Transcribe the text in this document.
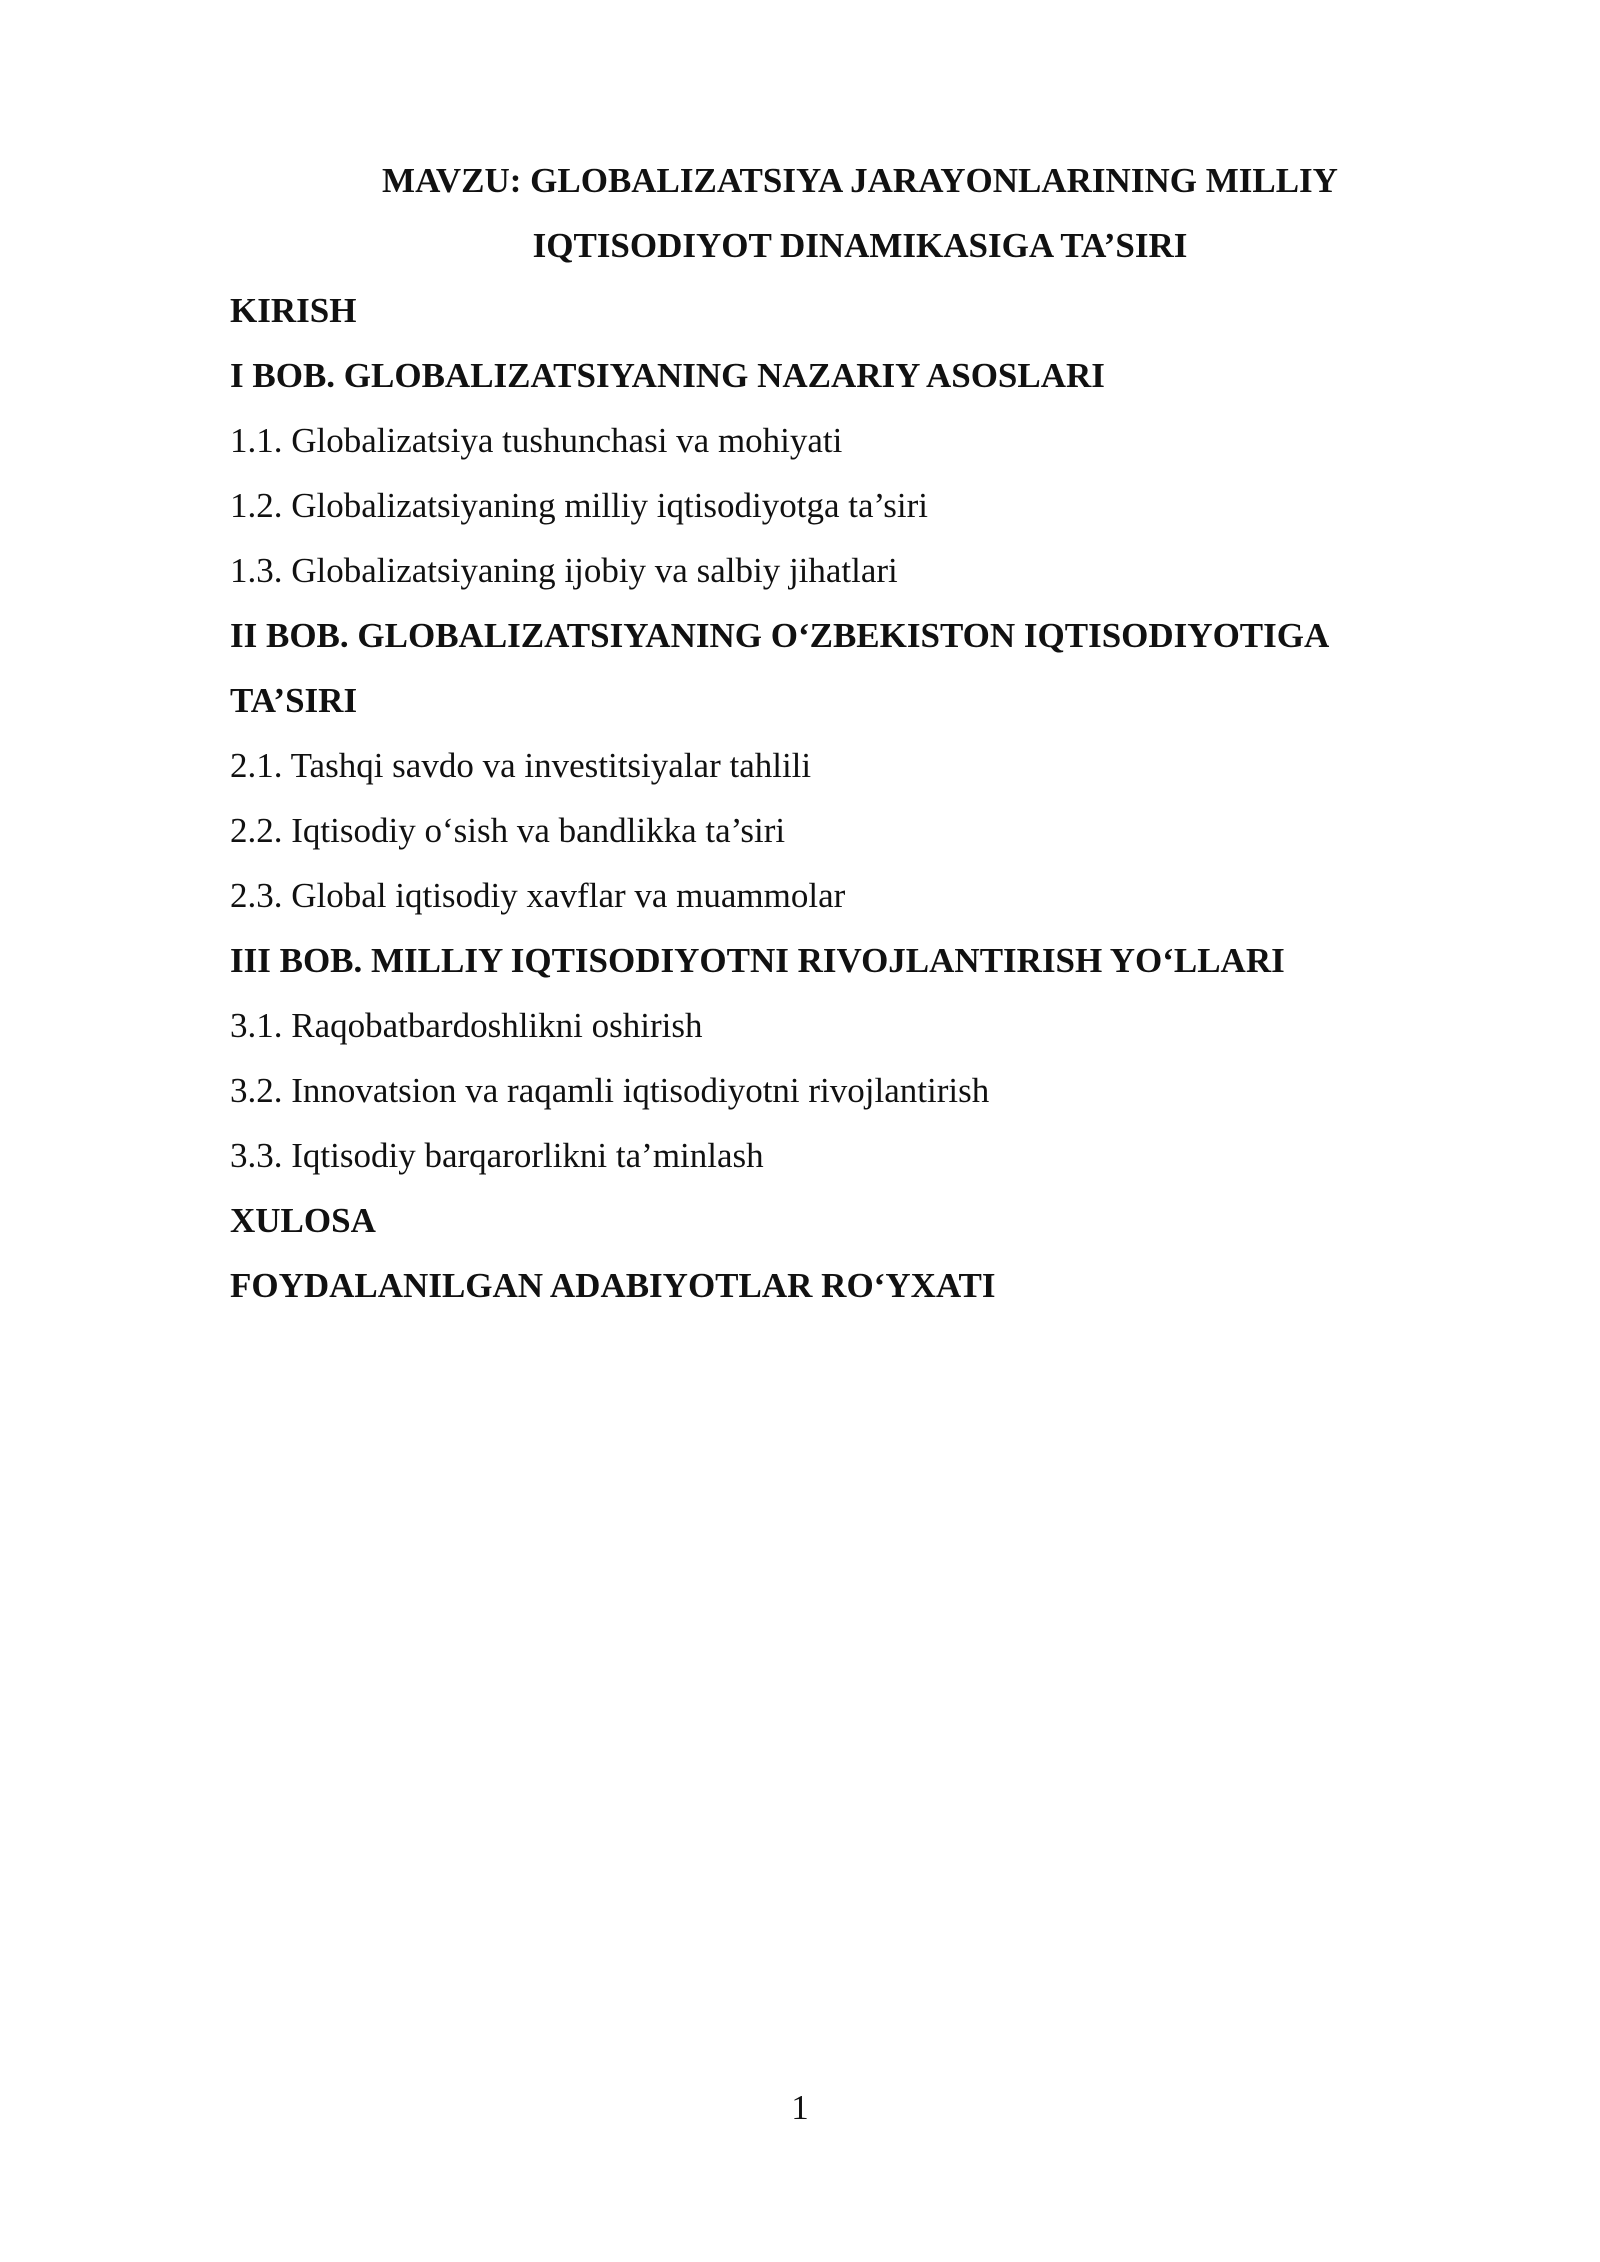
MAVZU: GLOBALIZATSIYA JARAYONLARINING MILLIY
IQTISODIYOT DINAMIKASIGA TA’SIRI
KIRISH
I BOB. GLOBALIZATSIYANING NAZARIY ASOSLARI
1.1. Globalizatsiya tushunchasi va mohiyati
1.2. Globalizatsiyaning milliy iqtisodiyotga ta’siri
1.3. Globalizatsiyaning ijobiy va salbiy jihatlari
II BOB. GLOBALIZATSIYANING O‘ZBEKISTON IQTISODIYOTIGA
TA’SIRI
2.1. Tashqi savdo va investitsiyalar tahlili
2.2. Iqtisodiy o‘sish va bandlikka ta’siri
2.3. Global iqtisodiy xavflar va muammolar
III BOB. MILLIY IQTISODIYOTNI RIVOJLANTIRISH YO‘LLARI
3.1. Raqobatbardoshlikni oshirish
3.2. Innovatsion va raqamli iqtisodiyotni rivojlantirish
3.3. Iqtisodiy barqarorlikni ta’minlash
XULOSA
FOYDALANILGAN ADABIYOTLAR RO‘YXATI
1
